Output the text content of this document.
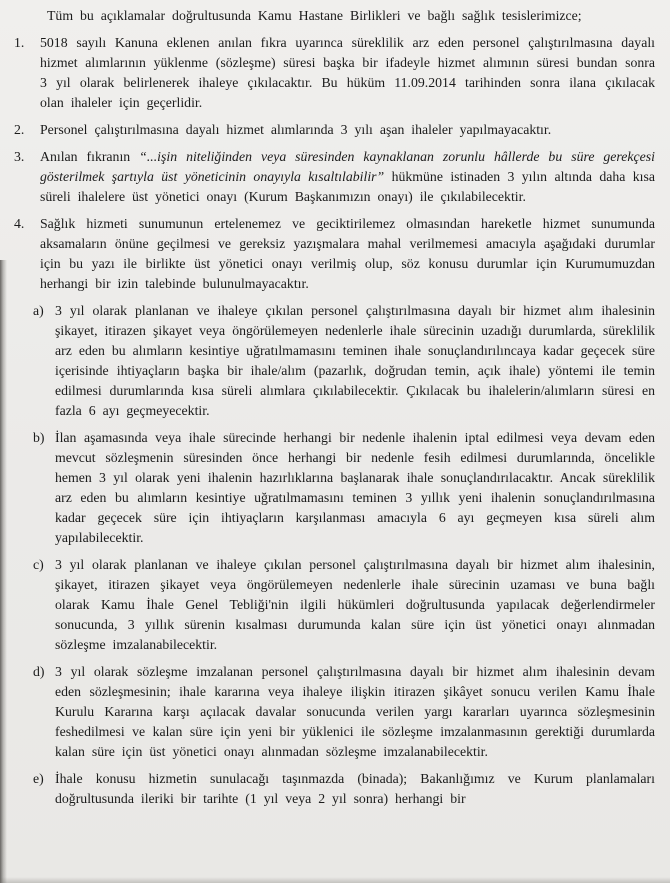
Tüm bu açıklamalar doğrultusunda Kamu Hastane Birlikleri ve bağlı sağlık tesislerimizce;

1.	5018 sayılı Kanuna eklenen anılan fıkra uyarınca süreklilik arz eden personel çalıştırılmasına dayalı hizmet alımlarının yüklenme (sözleşme) süresi başka bir ifadeyle hizmet alımının süresi bundan sonra 3 yıl olarak belirlenerek ihaleye çıkılacaktır. Bu hüküm 11.09.2014 tarihinden sonra ilana çıkılacak olan ihaleler için geçerlidir.
2.	Personel çalıştırılmasına dayalı hizmet alımlarında 3 yılı aşan ihaleler yapılmayacaktır.
3.	Anılan fıkranın “...işin niteliğinden veya süresinden kaynaklanan zorunlu hâllerde bu süre gerekçesi gösterilmek şartıyla üst yöneticinin onayıyla kısaltılabilir” hükmüne istinaden 3 yılın altında daha kısa süreli ihalelere üst yönetici onayı (Kurum Başkanımızın onayı) ile çıkılabilecektir.
4.	Sağlık hizmeti sunumunun ertelenemez ve geciktirilemez olmasından hareketle hizmet sunumunda aksamaların önüne geçilmesi ve gereksiz yazışmalara mahal verilmemesi amacıyla aşağıdaki durumlar için bu yazı ile birlikte üst yönetici onayı verilmiş olup, söz konusu durumlar için Kurumumuzdan herhangi bir izin talebinde bulunulmayacaktır.
a) 3 yıl olarak planlanan ve ihaleye çıkılan personel çalıştırılmasına dayalı bir hizmet alım ihalesinin şikayet, itirazen şikayet veya öngörülemeyen nedenlerle ihale sürecinin uzadığı durumlarda, süreklilik arz eden bu alımların kesintiye uğratılmamasını teminen ihale sonuçlandırılıncaya kadar geçecek süre içerisinde ihtiyaçların başka bir ihale/alım (pazarlık, doğrudan temin, açık ihale) yöntemi ile temin edilmesi durumlarında kısa süreli alımlara çıkılabilecektir. Çıkılacak bu ihalelerin/alımların süresi en fazla 6 ayı geçmeyecektir.
b) İlan aşamasında veya ihale sürecinde herhangi bir nedenle ihalenin iptal edilmesi veya devam eden mevcut sözleşmenin süresinden önce herhangi bir nedenle fesih edilmesi durumlarında, öncelikle hemen 3 yıl olarak yeni ihalenin hazırlıklarına başlanarak ihale sonuçlandırılacaktır. Ancak süreklilik arz eden bu alımların kesintiye uğratılmamasını teminen 3 yıllık yeni ihalenin sonuçlandırılmasına kadar geçecek süre için ihtiyaçların karşılanması amacıyla 6 ayı geçmeyen kısa süreli alım yapılabilecektir.
c) 3 yıl olarak planlanan ve ihaleye çıkılan personel çalıştırılmasına dayalı bir hizmet alım ihalesinin, şikayet, itirazen şikayet veya öngörülemeyen nedenlerle ihale sürecinin uzaması ve buna bağlı olarak Kamu İhale Genel Tebliği'nin ilgili hükümleri doğrultusunda yapılacak değerlendirmeler sonucunda, 3 yıllık sürenin kısalması durumunda kalan süre için üst yönetici onayı alınmadan sözleşme imzalanabilecektir.
d) 3 yıl olarak sözleşme imzalanan personel çalıştırılmasına dayalı bir hizmet alım ihalesinin devam eden sözleşmesinin; ihale kararına veya ihaleye ilişkin itirazen şikâyet sonucu verilen Kamu İhale Kurulu Kararına karşı açılacak davalar sonucunda verilen yargı kararları uyarınca sözleşmesinin feshedilmesi ve kalan süre için yeni bir yüklenici ile sözleşme imzalanmasının gerektiği durumlarda kalan süre için üst yönetici onayı alınmadan sözleşme imzalanabilecektir.
e) İhale konusu hizmetin sunulacağı taşınmazda (binada); Bakanlığımız ve Kurum planlamaları doğrultusunda ileriki bir tarihte (1 yıl veya 2 yıl sonra) herhangi bir
